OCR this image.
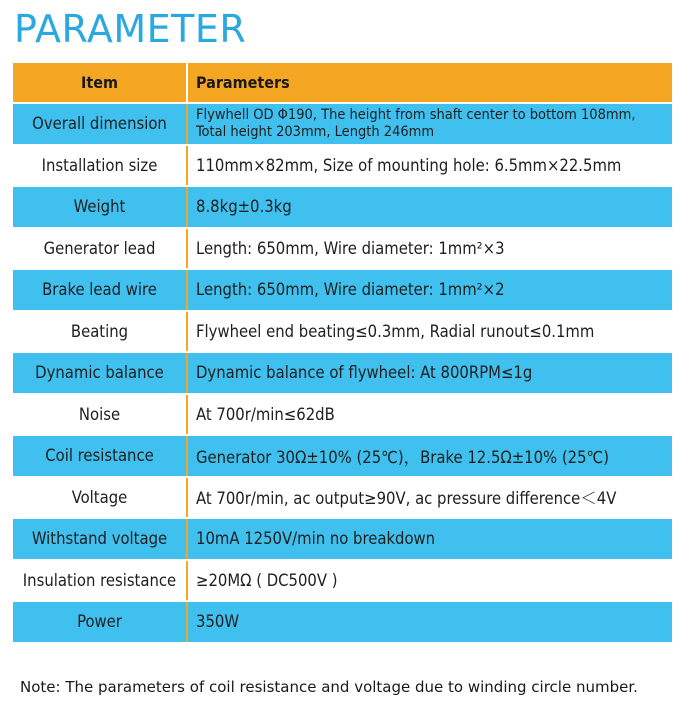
PARAMETER
Item	Parameters
Overall dimension	Flywhell OD Φ190, The height from shaft center to bottom 108mm,
Total height 203mm, Length 246mm
Installation size	110mm×82mm, Size of mounting hole: 6.5mm×22.5mm
Weight	8.8kg±0.3kg
Generator lead	Length: 650mm, Wire diameter: 1mm²×3
Brake lead wire	Length: 650mm, Wire diameter: 1mm²×2
Beating	Flywheel end beating≤0.3mm, Radial runout≤0.1mm
Dynamic balance	Dynamic balance of flywheel: At 800RPM≤1g
Noise	At 700r/min≤62dB
Coil resistance	Generator 30Ω±10% (25℃)，Brake 12.5Ω±10% (25℃)
Voltage	At 700r/min, ac output≥90V, ac pressure difference＜4V
Withstand voltage	10mA 1250V/min no breakdown
Insulation resistance	≥20MΩ ( DC500V )
Power	350W
Note: The parameters of coil resistance and voltage due to winding circle number.
